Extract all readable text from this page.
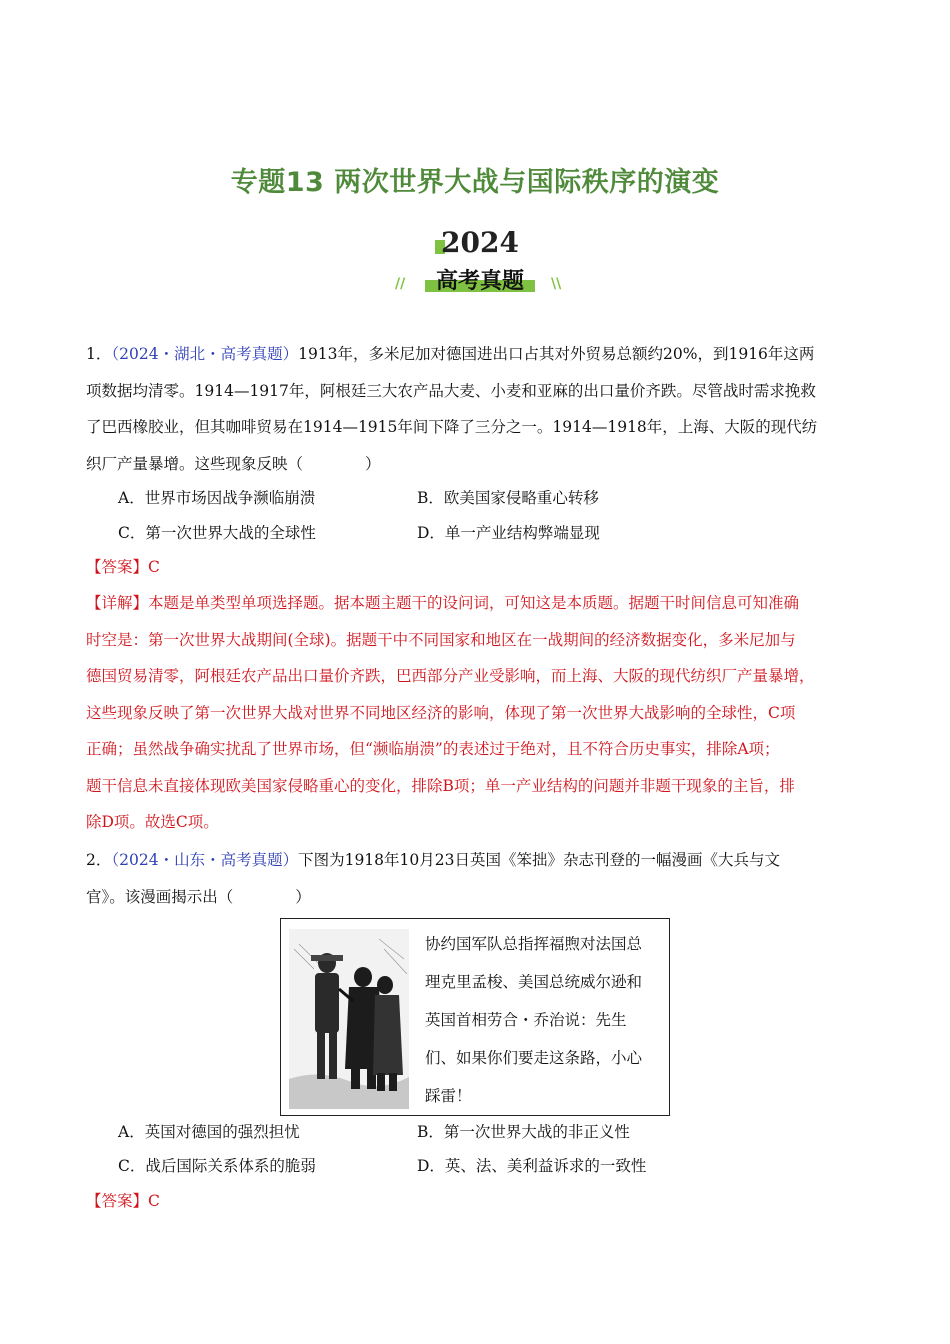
专题13 两次世界大战与国际秩序的演变
2024
//	高考真题	\\
1．（2024・湖北・高考真题）1913年，多米尼加对德国进出口占其对外贸易总额约20%，到1916年这两
项数据均清零。1914—1917年，阿根廷三大农产品大麦、小麦和亚麻的出口量价齐跌。尽管战时需求挽救
了巴西橡胶业，但其咖啡贸易在1914—1915年间下降了三分之一。1914—1918年，上海、大阪的现代纺
织厂产量暴增。这些现象反映（　　　　）
A．世界市场因战争濒临崩溃	B．欧美国家侵略重心转移
C．第一次世界大战的全球性	D．单一产业结构弊端显现
【答案】C
【详解】本题是单类型单项选择题。据本题主题干的设问词，可知这是本质题。据题干时间信息可知准确
时空是：第一次世界大战期间(全球)。据题干中不同国家和地区在一战期间的经济数据变化，多米尼加与
德国贸易清零，阿根廷农产品出口量价齐跌，巴西部分产业受影响，而上海、大阪的现代纺织厂产量暴增，
这些现象反映了第一次世界大战对世界不同地区经济的影响，体现了第一次世界大战影响的全球性，C项
正确；虽然战争确实扰乱了世界市场，但“濒临崩溃”的表述过于绝对，且不符合历史事实，排除A项；
题干信息未直接体现欧美国家侵略重心的变化，排除B项；单一产业结构的问题并非题干现象的主旨，排
除D项。故选C项。
2．（2024・山东・高考真题）下图为1918年10月23日英国《笨拙》杂志刊登的一幅漫画《大兵与文
官》。该漫画揭示出（　　　　）
协约国军队总指挥福煦对法国总
理克里孟梭、美国总统威尔逊和
英国首相劳合・乔治说：先生
们、如果你们要走这条路，小心
踩雷！
A．英国对德国的强烈担忧	B．第一次世界大战的非正义性
C．战后国际关系体系的脆弱	D．英、法、美利益诉求的一致性
【答案】C
